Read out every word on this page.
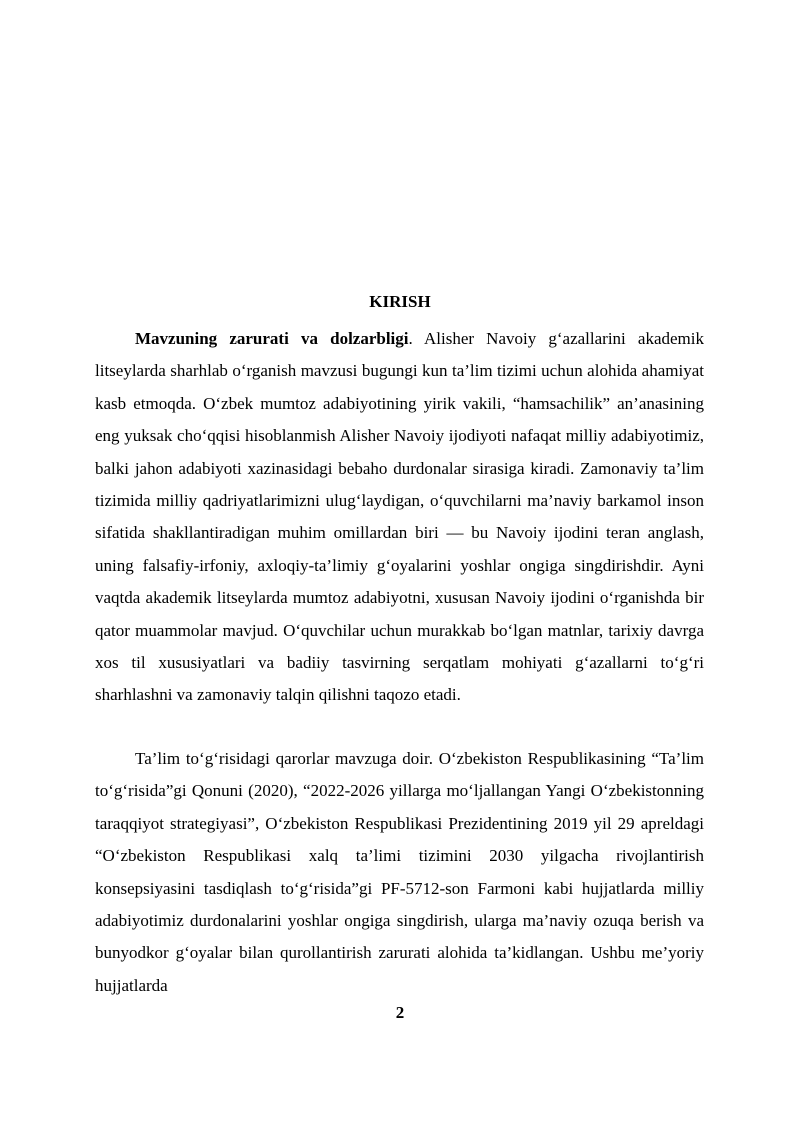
KIRISH

Mavzuning zarurati va dolzarbligi. Alisher Navoiy g‘azallarini akademik litseylarda sharhlab o‘rganish mavzusi bugungi kun ta’lim tizimi uchun alohida ahamiyat kasb etmoqda. O‘zbek mumtoz adabiyotining yirik vakili, “hamsachilik” an’anasining eng yuksak cho‘qqisi hisoblanmish Alisher Navoiy ijodiyoti nafaqat milliy adabiyotimiz, balki jahon adabiyoti xazinasidagi bebaho durdonalar sirasiga kiradi. Zamonaviy ta’lim tizimida milliy qadriyatlarimizni ulug‘laydigan, o‘quvchilarni ma’naviy barkamol inson sifatida shakllantiradigan muhim omillardan biri — bu Navoiy ijodini teran anglash, uning falsafiy-irfoniy, axloqiy-ta’limiy g‘oyalarini yoshlar ongiga singdirishdir. Ayni vaqtda akademik litseylarda mumtoz adabiyotni, xususan Navoiy ijodini o‘rganishda bir qator muammolar mavjud. O‘quvchilar uchun murakkab bo‘lgan matnlar, tarixiy davrga xos til xususiyatlari va badiiy tasvirning serqatlam mohiyati g‘azallarni to‘g‘ri sharhlashni va zamonaviy talqin qilishni taqozo etadi.

Ta’lim to‘g‘risidagi qarorlar mavzuga doir. O‘zbekiston Respublikasining “Ta’lim to‘g‘risida”gi Qonuni (2020), “2022-2026 yillarga mo‘ljallangan Yangi O‘zbekistonning taraqqiyot strategiyasi”, O‘zbekiston Respublikasi Prezidentining 2019 yil 29 apreldagi “O‘zbekiston Respublikasi xalq ta’limi tizimini 2030 yilgacha rivojlantirish konsepsiyasini tasdiqlash to‘g‘risida”gi PF-5712-son Farmoni kabi hujjatlarda milliy adabiyotimiz durdonalarini yoshlar ongiga singdirish, ularga ma’naviy ozuqa berish va bunyodkor g‘oyalar bilan qurollantirish zarurati alohida ta’kidlangan. Ushbu me’yoriy hujjatlarda

2
